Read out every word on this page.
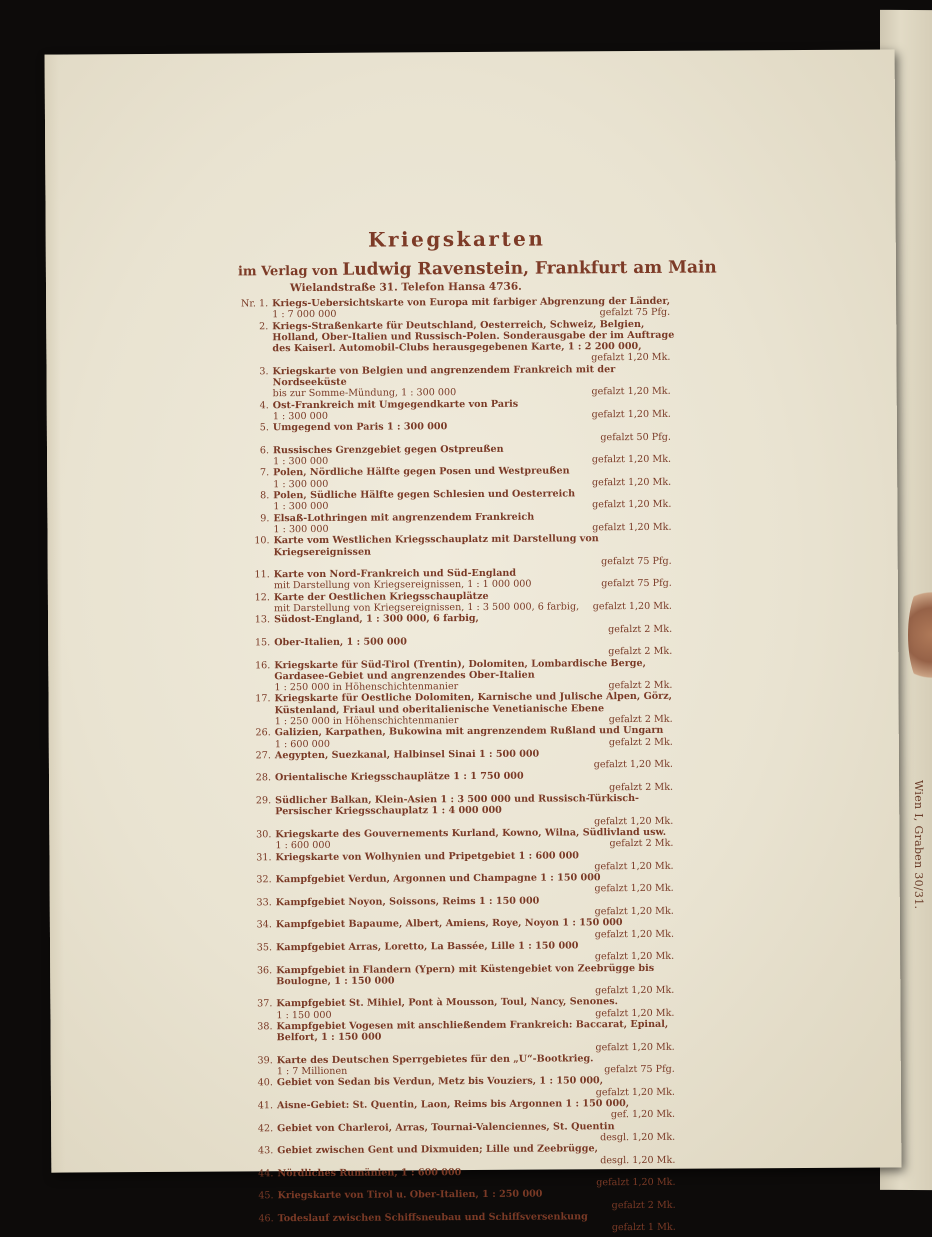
Wien I, Graben 30/31.
Kriegskarten
im Verlag von Ludwig Ravenstein, Frankfurt am Main
Wielandstraße 31. Telefon Hansa 4736.
Nr. 1. Kriegs-Uebersichtskarte von Europa mit farbiger Abgrenzung der Länder,
1 : 7 000 000	gefalzt 75 Pfg.
2. Kriegs-Straßenkarte für Deutschland, Oesterreich, Schweiz, Belgien, Holland, Ober-Italien und Russisch-Polen. Sonderausgabe der im Auftrage des Kaiserl. Automobil-Clubs herausgegebenen Karte, 1 : 2 200 000,
gefalzt 1,20 Mk.
3. Kriegskarte von Belgien und angrenzendem Frankreich mit der Nordseeküste
bis zur Somme-Mündung, 1 : 300 000	gefalzt 1,20 Mk.
4. Ost-Frankreich mit Umgegendkarte von Paris
1 : 300 000	gefalzt 1,20 Mk.
5. Umgegend von Paris 1 : 300 000
gefalzt 50 Pfg.
6. Russisches Grenzgebiet gegen Ostpreußen
1 : 300 000	gefalzt 1,20 Mk.
7. Polen, Nördliche Hälfte gegen Posen und Westpreußen
1 : 300 000	gefalzt 1,20 Mk.
8. Polen, Südliche Hälfte gegen Schlesien und Oesterreich
1 : 300 000	gefalzt 1,20 Mk.
9. Elsaß-Lothringen mit angrenzendem Frankreich
1 : 300 000	gefalzt 1,20 Mk.
10. Karte vom Westlichen Kriegsschauplatz mit Darstellung von Kriegsereignissen
gefalzt 75 Pfg.
11. Karte von Nord-Frankreich und Süd-England
mit Darstellung von Kriegsereignissen, 1 : 1 000 000	gefalzt 75 Pfg.
12. Karte der Oestlichen Kriegsschauplätze
mit Darstellung von Kriegsereignissen, 1 : 3 500 000, 6 farbig, gefalzt 1,20 Mk.
13. Südost-England, 1 : 300 000, 6 farbig,
gefalzt 2 Mk.
15. Ober-Italien, 1 : 500 000
gefalzt 2 Mk.
16. Kriegskarte für Süd-Tirol (Trentin), Dolomiten, Lombardische Berge, Gardasee-Gebiet und angrenzendes Ober-Italien
1 : 250 000 in Höhenschichtenmanier	gefalzt 2 Mk.
17. Kriegskarte für Oestliche Dolomiten, Karnische und Julische Alpen, Görz, Küstenland, Friaul und oberitalienische Venetianische Ebene
1 : 250 000 in Höhenschichtenmanier	gefalzt 2 Mk.
26. Galizien, Karpathen, Bukowina mit angrenzendem Rußland und Ungarn
1 : 600 000	gefalzt 2 Mk.
27. Aegypten, Suezkanal, Halbinsel Sinai 1 : 500 000
gefalzt 1,20 Mk.
28. Orientalische Kriegsschauplätze 1 : 1 750 000
gefalzt 2 Mk.
29. Südlicher Balkan, Klein-Asien 1 : 3 500 000 und Russisch-Türkisch-Persischer Kriegsschauplatz 1 : 4 000 000
gefalzt 1,20 Mk.
30. Kriegskarte des Gouvernements Kurland, Kowno, Wilna, Südlivland usw.
1 : 600 000	gefalzt 2 Mk.
31. Kriegskarte von Wolhynien und Pripetgebiet 1 : 600 000
gefalzt 1,20 Mk.
32. Kampfgebiet Verdun, Argonnen und Champagne 1 : 150 000
gefalzt 1,20 Mk.
33. Kampfgebiet Noyon, Soissons, Reims 1 : 150 000
gefalzt 1,20 Mk.
34. Kampfgebiet Bapaume, Albert, Amiens, Roye, Noyon 1 : 150 000
gefalzt 1,20 Mk.
35. Kampfgebiet Arras, Loretto, La Bassée, Lille 1 : 150 000
gefalzt 1,20 Mk.
36. Kampfgebiet in Flandern (Ypern) mit Küstengebiet von Zeebrügge bis Boulogne, 1 : 150 000
gefalzt 1,20 Mk.
37. Kampfgebiet St. Mihiel, Pont à Mousson, Toul, Nancy, Senones.
1 : 150 000	gefalzt 1,20 Mk.
38. Kampfgebiet Vogesen mit anschließendem Frankreich: Baccarat, Epinal, Belfort, 1 : 150 000
gefalzt 1,20 Mk.
39. Karte des Deutschen Sperrgebietes für den „U“-Bootkrieg.
1 : 7 Millionen	gefalzt 75 Pfg.
40. Gebiet von Sedan bis Verdun, Metz bis Vouziers, 1 : 150 000,
gefalzt 1,20 Mk.
41. Aisne-Gebiet: St. Quentin, Laon, Reims bis Argonnen 1 : 150 000,
gef. 1,20 Mk.
42. Gebiet von Charleroi, Arras, Tournai-Valenciennes, St. Quentin
desgl. 1,20 Mk.
43. Gebiet zwischen Gent und Dixmuiden; Lille und Zeebrügge,
desgl. 1,20 Mk.
44. Nördliches Rumänien, 1 : 600 000
gefalzt 1,20 Mk.
45. Kriegskarte von Tirol u. Ober-Italien, 1 : 250 000
gefalzt 2 Mk.
46. Todeslauf zwischen Schiffsneubau und Schiffsversenkung
gefalzt 1 Mk.
